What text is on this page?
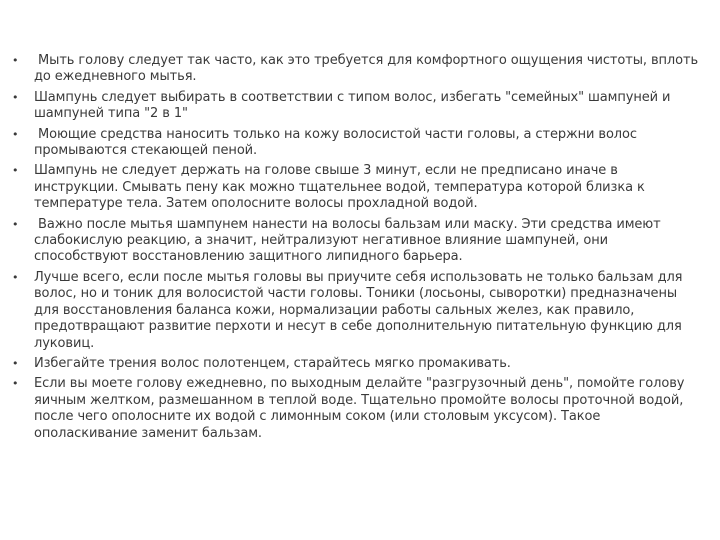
• Мыть голову следует так часто, как это требуется для комфортного ощущения чистоты, вплоть до ежедневного мытья.
• Шампунь следует выбирать в соответствии с типом волос, избегать "семейных" шампуней и шампуней типа "2 в 1"
• Моющие средства наносить только на кожу волосистой части головы, а стержни волос промываются стекающей пеной.
• Шампунь не следует держать на голове свыше 3 минут, если не предписано иначе в инструкции. Смывать пену как можно тщательнее водой, температура которой близка к температуре тела. Затем ополосните волосы прохладной водой.
• Важно после мытья шампунем нанести на волосы бальзам или маску. Эти средства имеют слабокислую реакцию, а значит, нейтрализуют негативное влияние шампуней, они способствуют восстановлению защитного липидного барьера.
• Лучше всего, если после мытья головы вы приучите себя использовать не только бальзам для волос, но и тоник для волосистой части головы. Тоники (лосьоны, сыворотки) предназначены для восстановления баланса кожи, нормализации работы сальных желез, как правило, предотвращают развитие перхоти и несут в себе дополнительную питательную функцию для луковиц.
• Избегайте трения волос полотенцем, старайтесь мягко промакивать.
• Если вы моете голову ежедневно, по выходным делайте "разгрузочный день", помойте голову яичным желтком, размешанном в теплой воде. Тщательно промойте волосы проточной водой, после чего ополосните их водой с лимонным соком (или столовым уксусом). Такое ополаскивание заменит бальзам.
